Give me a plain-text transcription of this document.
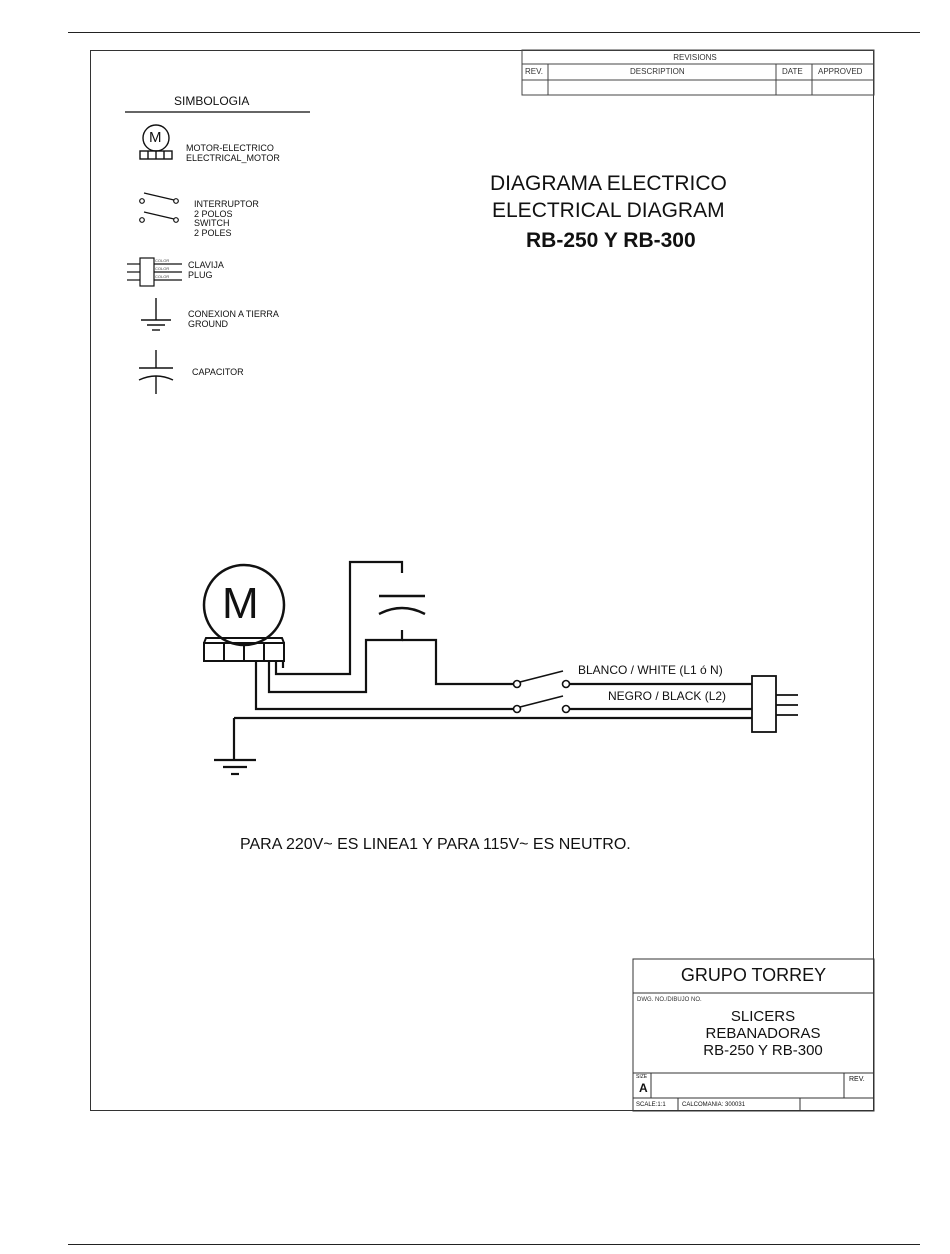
REVISIONS
REV.	DESCRIPTION	DATE APPROVED
SIMBOLOGIA
M
MOTOR-ELECTRICO
ELECTRICAL_MOTOR
INTERRUPTOR
2 POLOS
SWITCH
2 POLES
COLOR
COLOR
COLOR
CLAVIJA
PLUG
CONEXION A TIERRA
GROUND
CAPACITOR
DIAGRAMA ELECTRICO
ELECTRICAL DIAGRAM
RB-250 Y RB-300
M
BLANCO / WHITE (L1 ó N)
NEGRO / BLACK (L2)
PARA 220V~ ES LINEA1 Y PARA 115V~ ES NEUTRO.
GRUPO TORREY
DWG. NO./DIBUJO NO.
SLICERS
REBANADORAS
RB-250 Y RB-300
SIZE
A
REV.
SCALE:1:1	CALCOMANIA: 300031
